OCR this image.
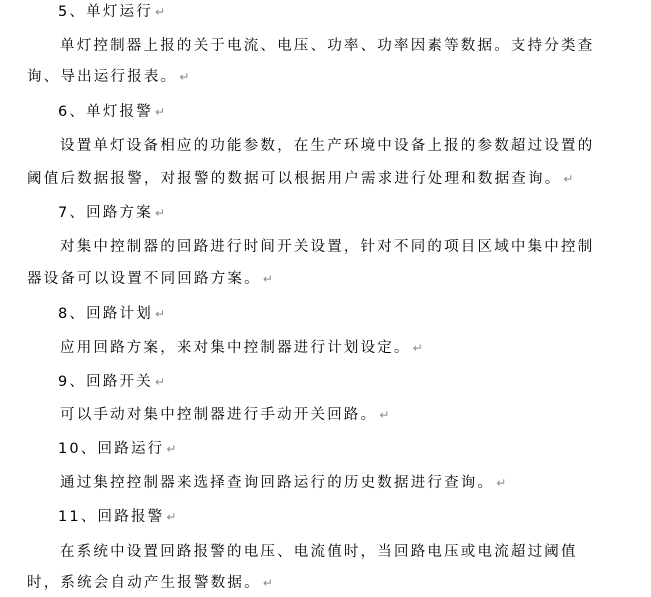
5、单灯运行 ↵
单灯控制器上报的关于电流、电压、功率、功率因素等数据。支持分类查
询、导出运行报表。 ↵
6、单灯报警 ↵
设置单灯设备相应的功能参数，在生产环境中设备上报的参数超过设置的
阈值后数据报警，对报警的数据可以根据用户需求进行处理和数据查询。 ↵
7、回路方案 ↵
对集中控制器的回路进行时间开关设置，针对不同的项目区域中集中控制
器设备可以设置不同回路方案。 ↵
8、回路计划 ↵
应用回路方案，来对集中控制器进行计划设定。 ↵
9、回路开关 ↵
可以手动对集中控制器进行手动开关回路。 ↵
10、回路运行 ↵
通过集控控制器来选择查询回路运行的历史数据进行查询。 ↵
11、回路报警 ↵
在系统中设置回路报警的电压、电流值时，当回路电压或电流超过阈值
时，系统会自动产生报警数据。 ↵
